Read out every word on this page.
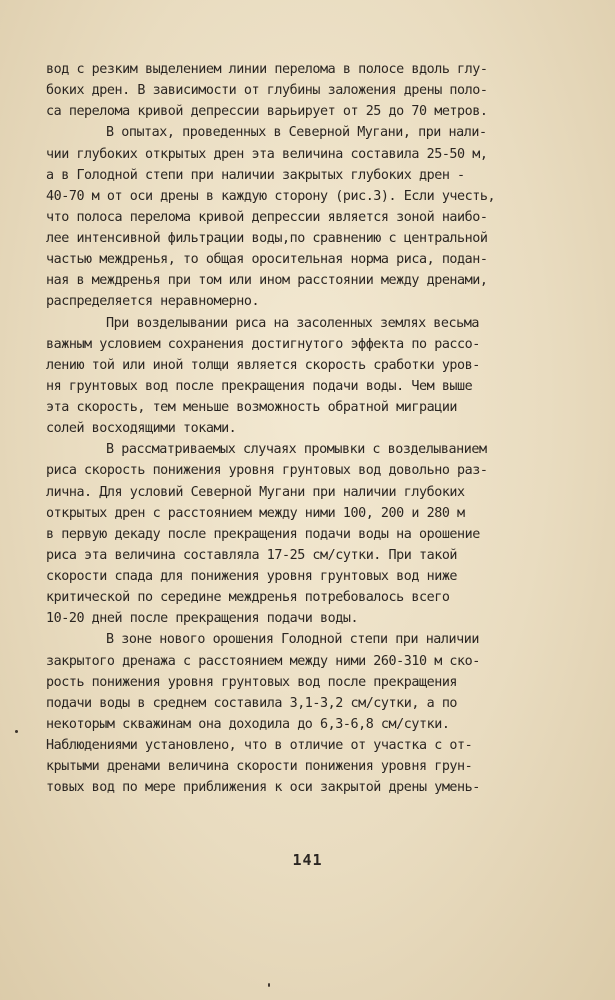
вод с резким выделением линии перелома в полосе вдоль глу-
боких дрен. В зависимости от глубины заложения дрены поло-
са перелома кривой депрессии варьирует от 25 до 70 метров.
В опытах, проведенных в Северной Мугани, при нали-
чии глубоких открытых дрен эта величина составила 25-50 м,
а в Голодной степи при наличии закрытых глубоких дрен -
40-70 м от оси дрены в каждую сторону (рис.3). Если учесть,
что полоса перелома кривой депрессии является зоной наибо-
лее интенсивной фильтрации воды,по сравнению с центральной
частью междренья, то общая оросительная норма риса, подан-
ная в междренья при том или ином расстоянии между дренами,
распределяется неравномерно.
При возделывании риса на засоленных землях весьма
важным условием сохранения достигнутого эффекта по рассо-
лению той или иной толщи является скорость сработки уров-
ня грунтовых вод после прекращения подачи воды. Чем выше
эта скорость, тем меньше возможность обратной миграции
солей восходящими токами.
В рассматриваемых случаях промывки с возделыванием
риса скорость понижения уровня грунтовых вод довольно раз-
лична. Для условий Северной Мугани при наличии глубоких
открытых дрен с расстоянием между ними 100, 200 и 280 м
в первую декаду после прекращения подачи воды на орошение
риса эта величина составляла 17-25 см/сутки. При такой
скорости спада для понижения уровня грунтовых вод ниже
критической по середине междренья потребовалось всего
10-20 дней после прекращения подачи воды.
В зоне нового орошения Голодной степи при наличии
закрытого дренажа с расстоянием между ними 260-310 м ско-
рость понижения уровня грунтовых вод после прекращения
подачи воды в среднем составила 3,1-3,2 см/сутки, а по
некоторым скважинам она доходила до 6,3-6,8 см/сутки.
Наблюдениями установлено, что в отличие от участка с от-
крытыми дренами величина скорости понижения уровня грун-
товых вод по мере приближения к оси закрытой дрены умень-
141
